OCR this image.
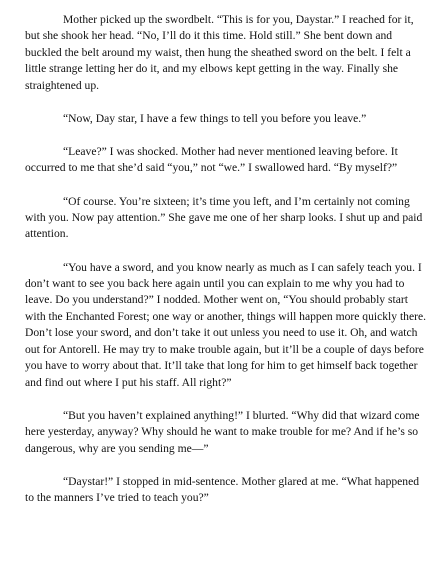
Mother picked up the swordbelt. “This is for you, Daystar.” I reached for it, but she shook her head. “No, I’ll do it this time. Hold still.” She bent down and buckled the belt around my waist, then hung the sheathed sword on the belt. I felt a little strange letting her do it, and my elbows kept getting in the way. Finally she straightened up.

“Now, Day star, I have a few things to tell you before you leave.”

“Leave?” I was shocked. Mother had never mentioned leaving before. It occurred to me that she’d said “you,” not “we.” I swallowed hard. “By myself?”

“Of course. You’re sixteen; it’s time you left, and I’m certainly not coming with you. Now pay attention.” She gave me one of her sharp looks. I shut up and paid attention.

“You have a sword, and you know nearly as much as I can safely teach you. I don’t want to see you back here again until you can explain to me why you had to leave. Do you understand?” I nodded. Mother went on, “You should probably start with the Enchanted Forest; one way or another, things will happen more quickly there. Don’t lose your sword, and don’t take it out unless you need to use it. Oh, and watch out for Antorell. He may try to make trouble again, but it’ll be a couple of days before you have to worry about that. It’ll take that long for him to get himself back together and find out where I put his staff. All right?”

“But you haven’t explained anything!” I blurted. “Why did that wizard come here yesterday, anyway? Why should he want to make trouble for me? And if he’s so dangerous, why are you sending me—”

“Daystar!” I stopped in mid-sentence. Mother glared at me. “What happened to the manners I’ve tried to teach you?”
